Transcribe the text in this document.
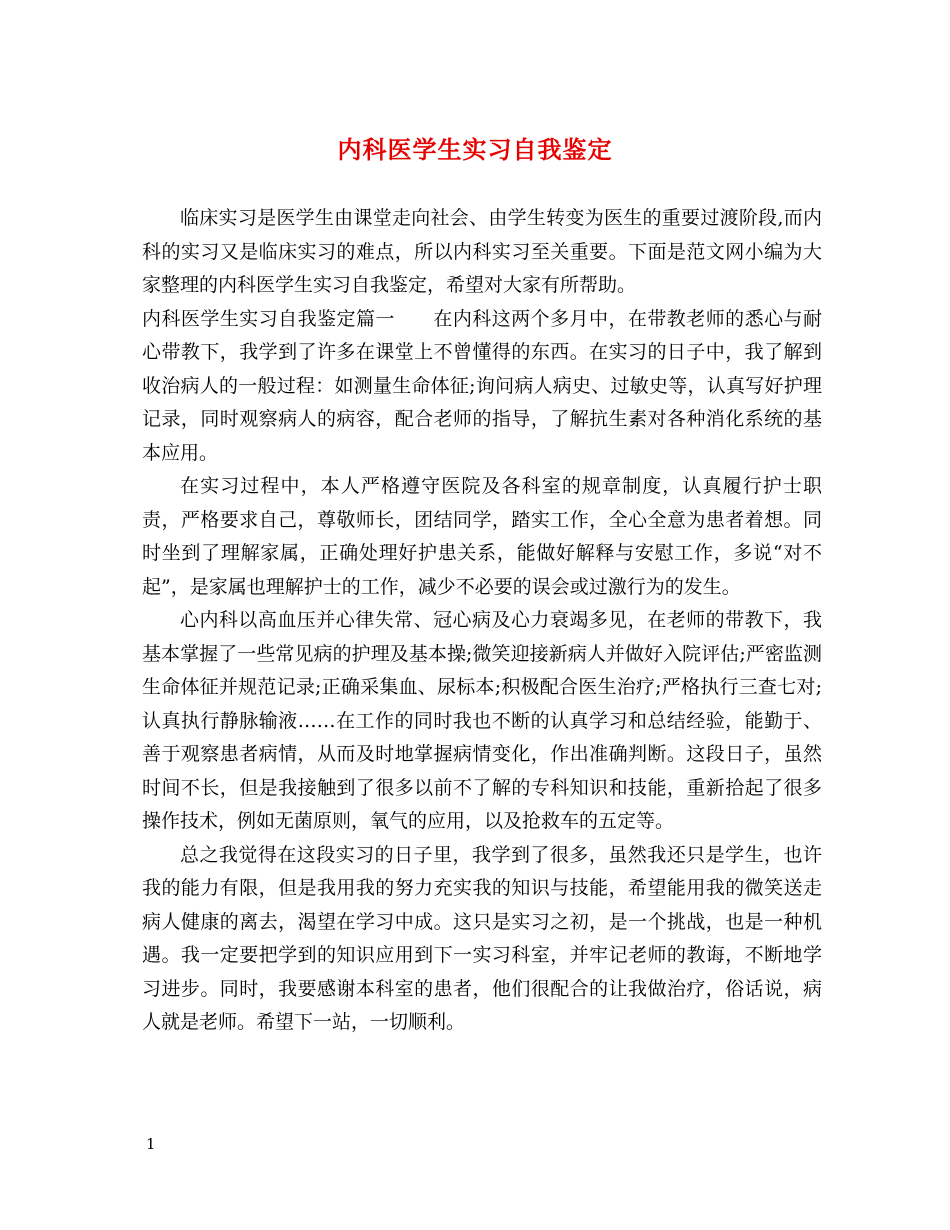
内科医学生实习自我鉴定

临床实习是医学生由课堂走向社会、由学生转变为医生的重要过渡阶段,而内科的实习又是临床实习的难点，所以内科实习至关重要。下面是范文网小编为大家整理的内科医学生实习自我鉴定，希望对大家有所帮助。

内科医学生实习自我鉴定篇一 在内科这两个多月中，在带教老师的悉心与耐心带教下，我学到了许多在课堂上不曾懂得的东西。在实习的日子中，我了解到收治病人的一般过程：如测量生命体征;询问病人病史、过敏史等，认真写好护理记录，同时观察病人的病容，配合老师的指导，了解抗生素对各种消化系统的基本应用。

在实习过程中，本人严格遵守医院及各科室的规章制度，认真履行护士职责，严格要求自己，尊敬师长，团结同学，踏实工作，全心全意为患者着想。同时坐到了理解家属，正确处理好护患关系，能做好解释与安慰工作，多说“对不起”，是家属也理解护士的工作，减少不必要的误会或过激行为的发生。

心内科以高血压并心律失常、冠心病及心力衰竭多见，在老师的带教下，我基本掌握了一些常见病的护理及基本操;微笑迎接新病人并做好入院评估;严密监测生命体征并规范记录;正确采集血、尿标本;积极配合医生治疗;严格执行三查七对;认真执行静脉输液……在工作的同时我也不断的认真学习和总结经验，能勤于、善于观察患者病情，从而及时地掌握病情变化，作出准确判断。这段日子，虽然时间不长，但是我接触到了很多以前不了解的专科知识和技能，重新拾起了很多操作技术，例如无菌原则，氧气的应用，以及抢救车的五定等。

总之我觉得在这段实习的日子里，我学到了很多，虽然我还只是学生，也许我的能力有限，但是我用我的努力充实我的知识与技能，希望能用我的微笑送走病人健康的离去，渴望在学习中成。这只是实习之初，是一个挑战，也是一种机遇。我一定要把学到的知识应用到下一实习科室，并牢记老师的教诲，不断地学习进步。同时，我要感谢本科室的患者，他们很配合的让我做治疗，俗话说，病人就是老师。希望下一站，一切顺利。

1
